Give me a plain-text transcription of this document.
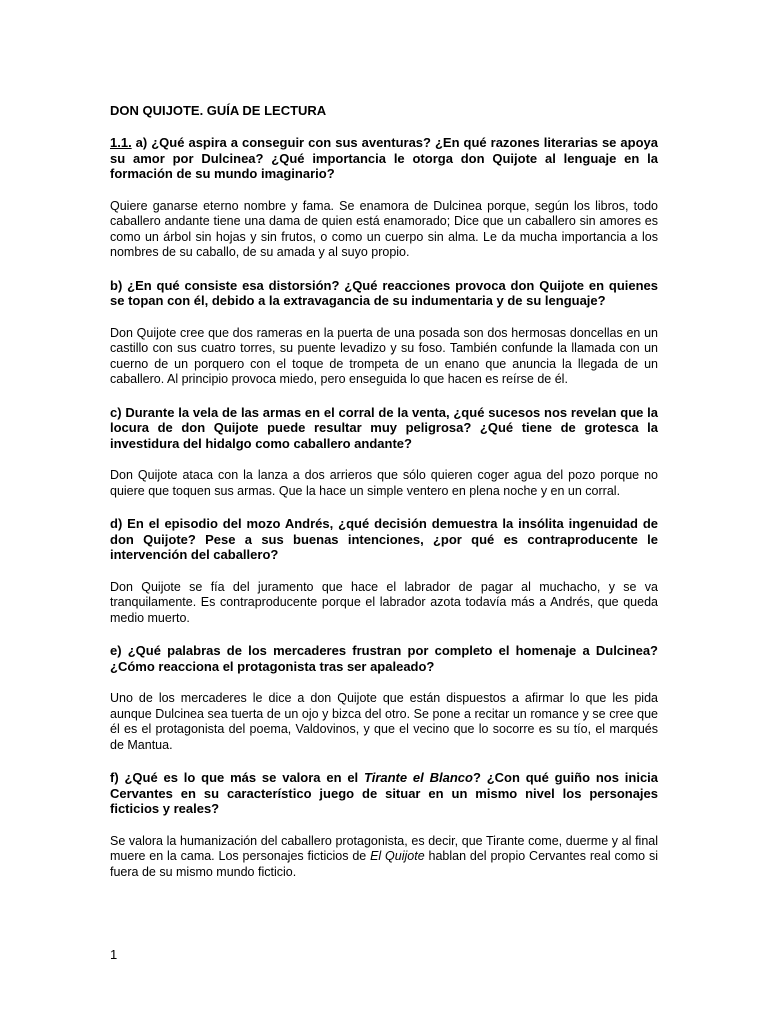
DON QUIJOTE. GUÍA DE LECTURA
1.1. a) ¿Qué aspira a conseguir con sus aventuras? ¿En qué razones literarias se apoya su amor por Dulcinea? ¿Qué importancia le otorga don Quijote al lenguaje en la formación de su mundo imaginario?
Quiere ganarse eterno nombre y fama. Se enamora de Dulcinea porque, según los libros, todo caballero andante tiene una dama de quien está enamorado; Dice que un caballero sin amores es como un árbol sin hojas y sin frutos, o como un cuerpo sin alma. Le da mucha importancia a los nombres de su caballo, de su amada y al suyo propio.
b) ¿En qué consiste esa distorsión? ¿Qué reacciones provoca don Quijote en quienes se topan con él, debido a la extravagancia de su indumentaria y de su lenguaje?
Don Quijote cree que dos rameras en la puerta de una posada son dos hermosas doncellas en un castillo con sus cuatro torres, su puente levadizo y su foso. También confunde la llamada con un cuerno de un porquero con el toque de trompeta de un enano que anuncia la llegada de un caballero. Al principio provoca miedo, pero enseguida lo que hacen es reírse de él.
c) Durante la vela de las armas en el corral de la venta, ¿qué sucesos nos revelan que la locura de don Quijote puede resultar muy peligrosa? ¿Qué tiene de grotesca la investidura del hidalgo como caballero andante?
Don Quijote ataca con la lanza a dos arrieros que sólo quieren coger agua del pozo porque no quiere que toquen sus armas. Que la hace un simple ventero en plena noche y en un corral.
d) En el episodio del mozo Andrés, ¿qué decisión demuestra la insólita ingenuidad de don Quijote? Pese a sus buenas intenciones, ¿por qué es contraproducente le intervención del caballero?
Don Quijote se fía del juramento que hace el labrador de pagar al muchacho, y se va tranquilamente. Es contraproducente porque el labrador azota todavía más a Andrés, que queda medio muerto.
e) ¿Qué palabras de los mercaderes frustran por completo el homenaje a Dulcinea? ¿Cómo reacciona el protagonista tras ser apaleado?
Uno de los mercaderes le dice a don Quijote que están dispuestos a afirmar lo que les pida aunque Dulcinea sea tuerta de un ojo y bizca del otro. Se pone a recitar un romance y se cree que él es el protagonista del poema, Valdovinos, y que el vecino que lo socorre es su tío, el marqués de Mantua.
f) ¿Qué es lo que más se valora en el Tirante el Blanco? ¿Con qué guiño nos inicia Cervantes en su característico juego de situar en un mismo nivel los personajes ficticios y reales?
Se valora la humanización del caballero protagonista, es decir, que Tirante come, duerme y al final muere en la cama. Los personajes ficticios de El Quijote hablan del propio Cervantes real como si fuera de su mismo mundo ficticio.
1
